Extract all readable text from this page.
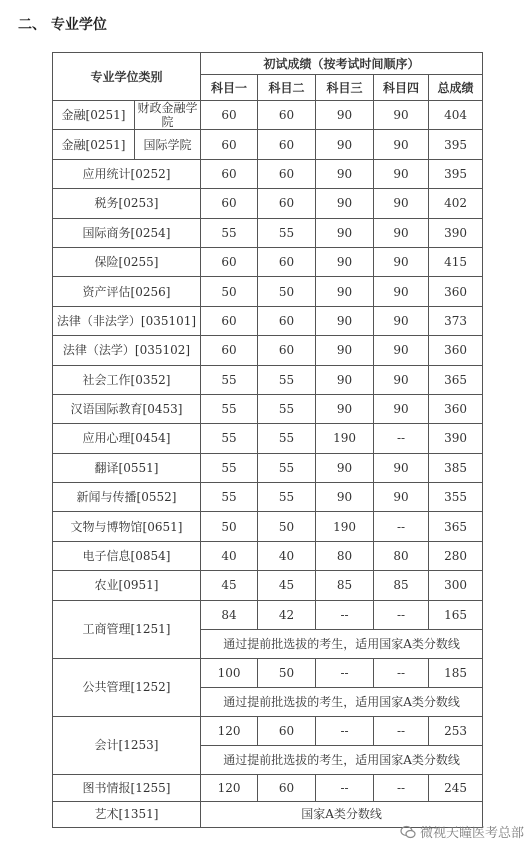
二、 专业学位
专业学位类别		初试成绩（按考试时间顺序）				
		科目一	科目二	科目三	科目四	总成绩
金融[0251]	财政金融学院	60	60	90	90	404
金融[0251]	国际学院	60	60	90	90	395
应用统计[0252]		60	60	90	90	395
税务[0253]		60	60	90	90	402
国际商务[0254]		55	55	90	90	390
保险[0255]		60	60	90	90	415
资产评估[0256]		50	50	90	90	360
法律（非法学）[035101]		60	60	90	90	373
法律（法学）[035102]		60	60	90	90	360
社会工作[0352]		55	55	90	90	365
汉语国际教育[0453]		55	55	90	90	360
应用心理[0454]		55	55	190	--	390
翻译[0551]		55	55	90	90	385
新闻与传播[0552]		55	55	90	90	355
文物与博物馆[0651]		50	50	190	--	365
电子信息[0854]		40	40	80	80	280
农业[0951]		45	45	85	85	300
工商管理[1251]		84	42	--	--	165
		通过提前批选拔的考生，适用国家A类分数线				
公共管理[1252]		100	50	--	--	185
		通过提前批选拔的考生，适用国家A类分数线				
会计[1253]		120	60	--	--	253
		通过提前批选拔的考生，适用国家A类分数线				
图书情报[1255]		120	60	--	--	245
艺术[1351]		国家A类分数线				
微视天瞳医考总部
